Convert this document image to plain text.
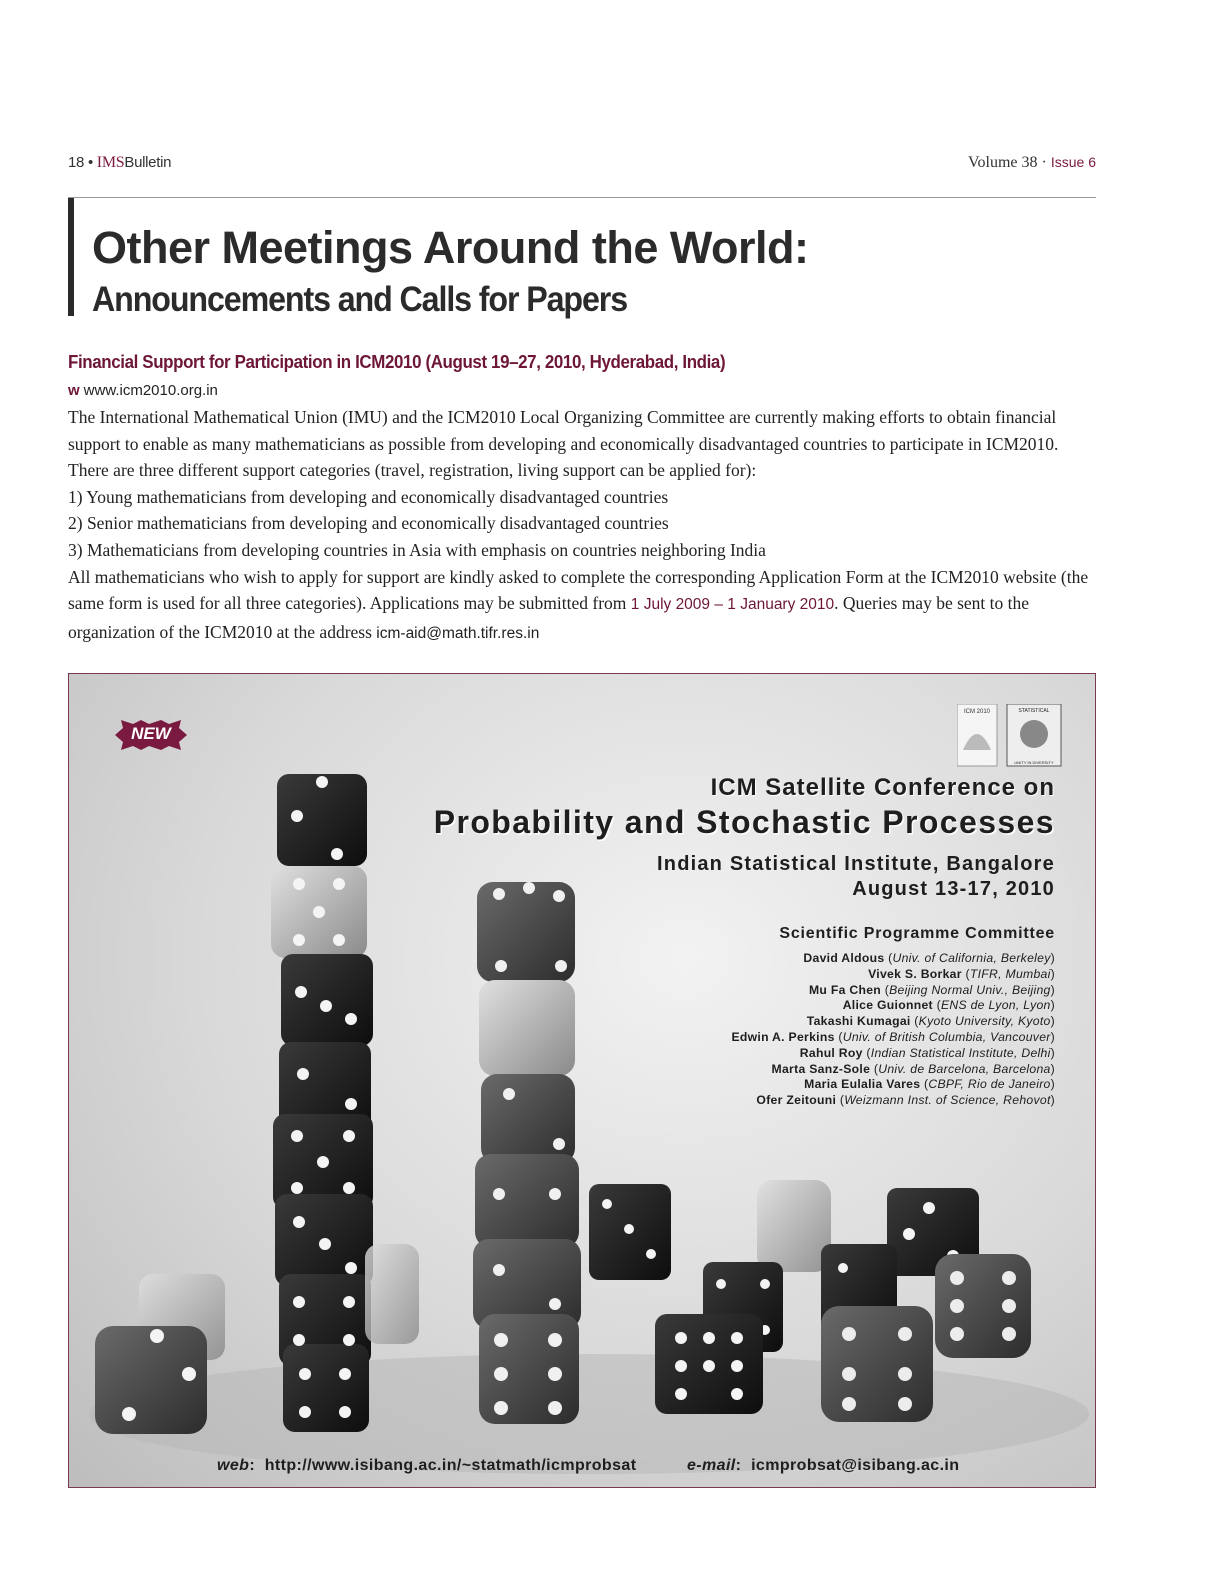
18 • IMSBulletin	Volume 38 · Issue 6
Other Meetings Around the World:
Announcements and Calls for Papers
Financial Support for Participation in ICM2010 (August 19–27, 2010, Hyderabad, India)
w www.icm2010.org.in

The International Mathematical Union (IMU) and the ICM2010 Local Organizing Committee are currently making efforts to obtain financial support to enable as many mathematicians as possible from developing and economically disadvantaged countries to participate in ICM2010. There are three different support categories (travel, registration, living support can be applied for):

1) Young mathematicians from developing and economically disadvantaged countries

2) Senior mathematicians from developing and economically disadvantaged countries

3) Mathematicians from developing countries in Asia with emphasis on countries neighboring India

All mathematicians who wish to apply for support are kindly asked to complete the corresponding Application Form at the ICM2010 website (the same form is used for all three categories). Applications may be submitted from 1 July 2009 – 1 January 2010. Queries may be sent to the organization of the ICM2010 at the address icm-aid@math.tifr.res.in

NEW
ICM 2010	STATISTICAL
UNITY IN DIVERSITY
ICM Satellite Conference on
Probability and Stochastic Processes
Indian Statistical Institute, Bangalore
August 13-17, 2010
Scientific Programme Committee
David Aldous (Univ. of California, Berkeley)
Vivek S. Borkar (TIFR, Mumbai)
Mu Fa Chen (Beijing Normal Univ., Beijing)
Alice Guionnet (ENS de Lyon, Lyon)
Takashi Kumagai (Kyoto University, Kyoto)
Edwin A. Perkins (Univ. of British Columbia, Vancouver)
Rahul Roy (Indian Statistical Institute, Delhi)
Marta Sanz-Sole (Univ. de Barcelona, Barcelona)
Maria Eulalia Vares (CBPF, Rio de Janeiro)
Ofer Zeitouni (Weizmann Inst. of Science, Rehovot)
web:  http://www.isibang.ac.in/~statmath/icmprobsat	e-mail:  icmprobsat@isibang.ac.in
